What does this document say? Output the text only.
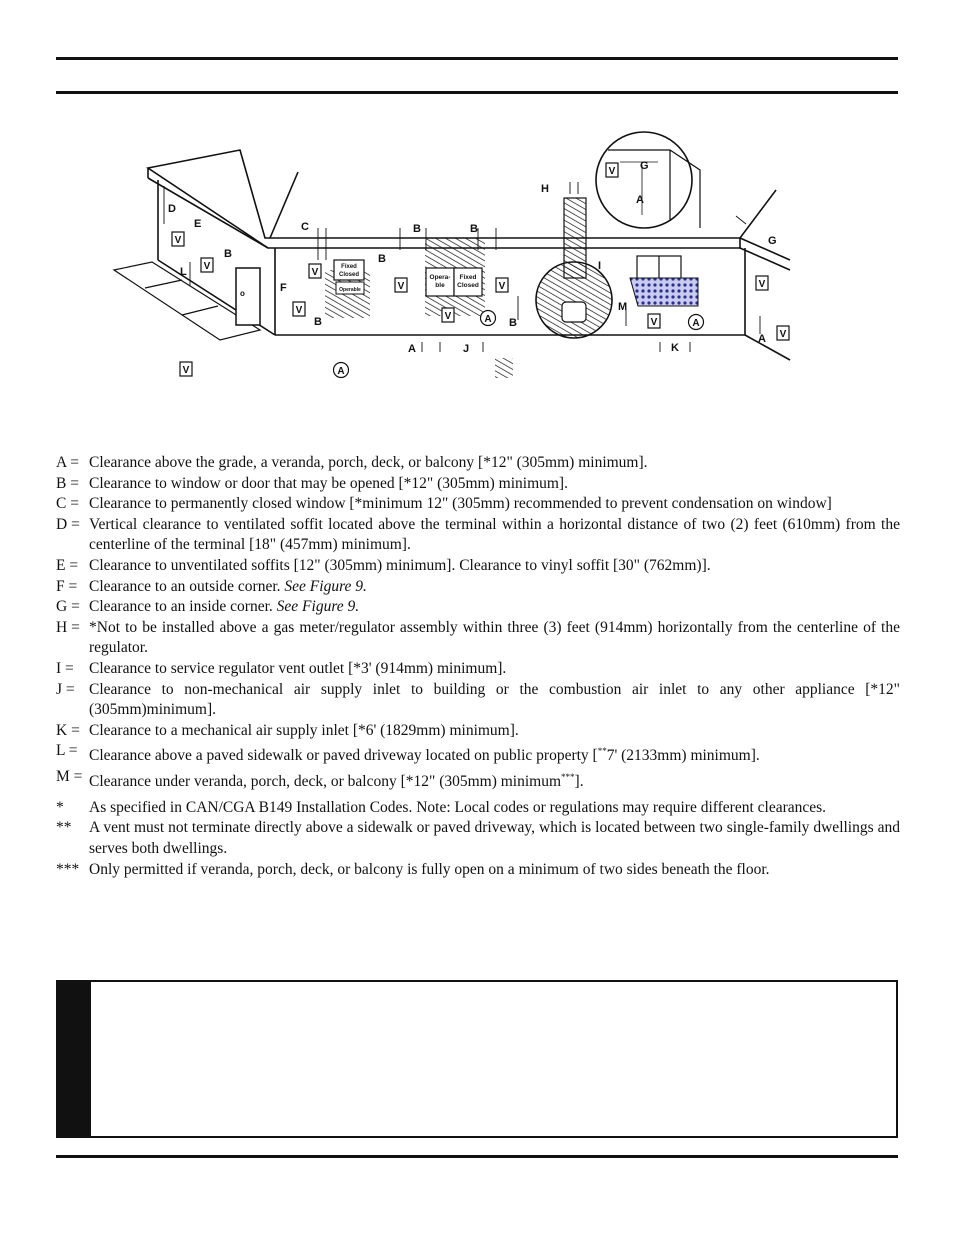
o
Fixed
Closed
Operable
Opera-
ble
Fixed
Closed
D
E
B
L
F
C
B
B
B	B
B
A	J
H
I
M
K
A
G
G
A
V
V
V
V
V
V
V
V
V
V
V
V
A	A
A
A = Clearance above the grade, a veranda, porch, deck, or balcony [*12" (305mm) minimum].
B = Clearance to window or door that may be opened [*12" (305mm) minimum].
C = Clearance to permanently closed window [*minimum 12" (305mm) recommended to prevent condensation on window]
D = Vertical clearance to ventilated soffit located above the terminal within a horizontal distance of two (2) feet (610mm) from the centerline of the terminal [18" (457mm) minimum].
E = Clearance to unventilated soffits [12" (305mm) minimum]. Clearance to vinyl soffit [30" (762mm)].
F = Clearance to an outside corner. See Figure 9.
G = Clearance to an inside corner. See Figure 9.
H = *Not to be installed above a gas meter/regulator assembly within three (3) feet (914mm) horizontally from the centerline of the regulator.
I = Clearance to service regulator vent outlet [*3' (914mm) minimum].
J = Clearance to non-mechanical air supply inlet to building or the combustion air inlet to any other appliance [*12" (305mm)minimum].
K = Clearance to a mechanical air supply inlet [*6' (1829mm) minimum].
L = Clearance above a paved sidewalk or paved driveway located on public property [**7' (2133mm) minimum].
M = Clearance under veranda, porch, deck, or balcony [*12" (305mm) minimum***].
*	As specified in CAN/CGA B149 Installation Codes. Note: Local codes or regulations may require different clearances.
**	A vent must not terminate directly above a sidewalk or paved driveway, which is located between two single-family dwellings and serves both dwellings.
*** Only permitted if veranda, porch, deck, or balcony is fully open on a minimum of two sides beneath the floor.
